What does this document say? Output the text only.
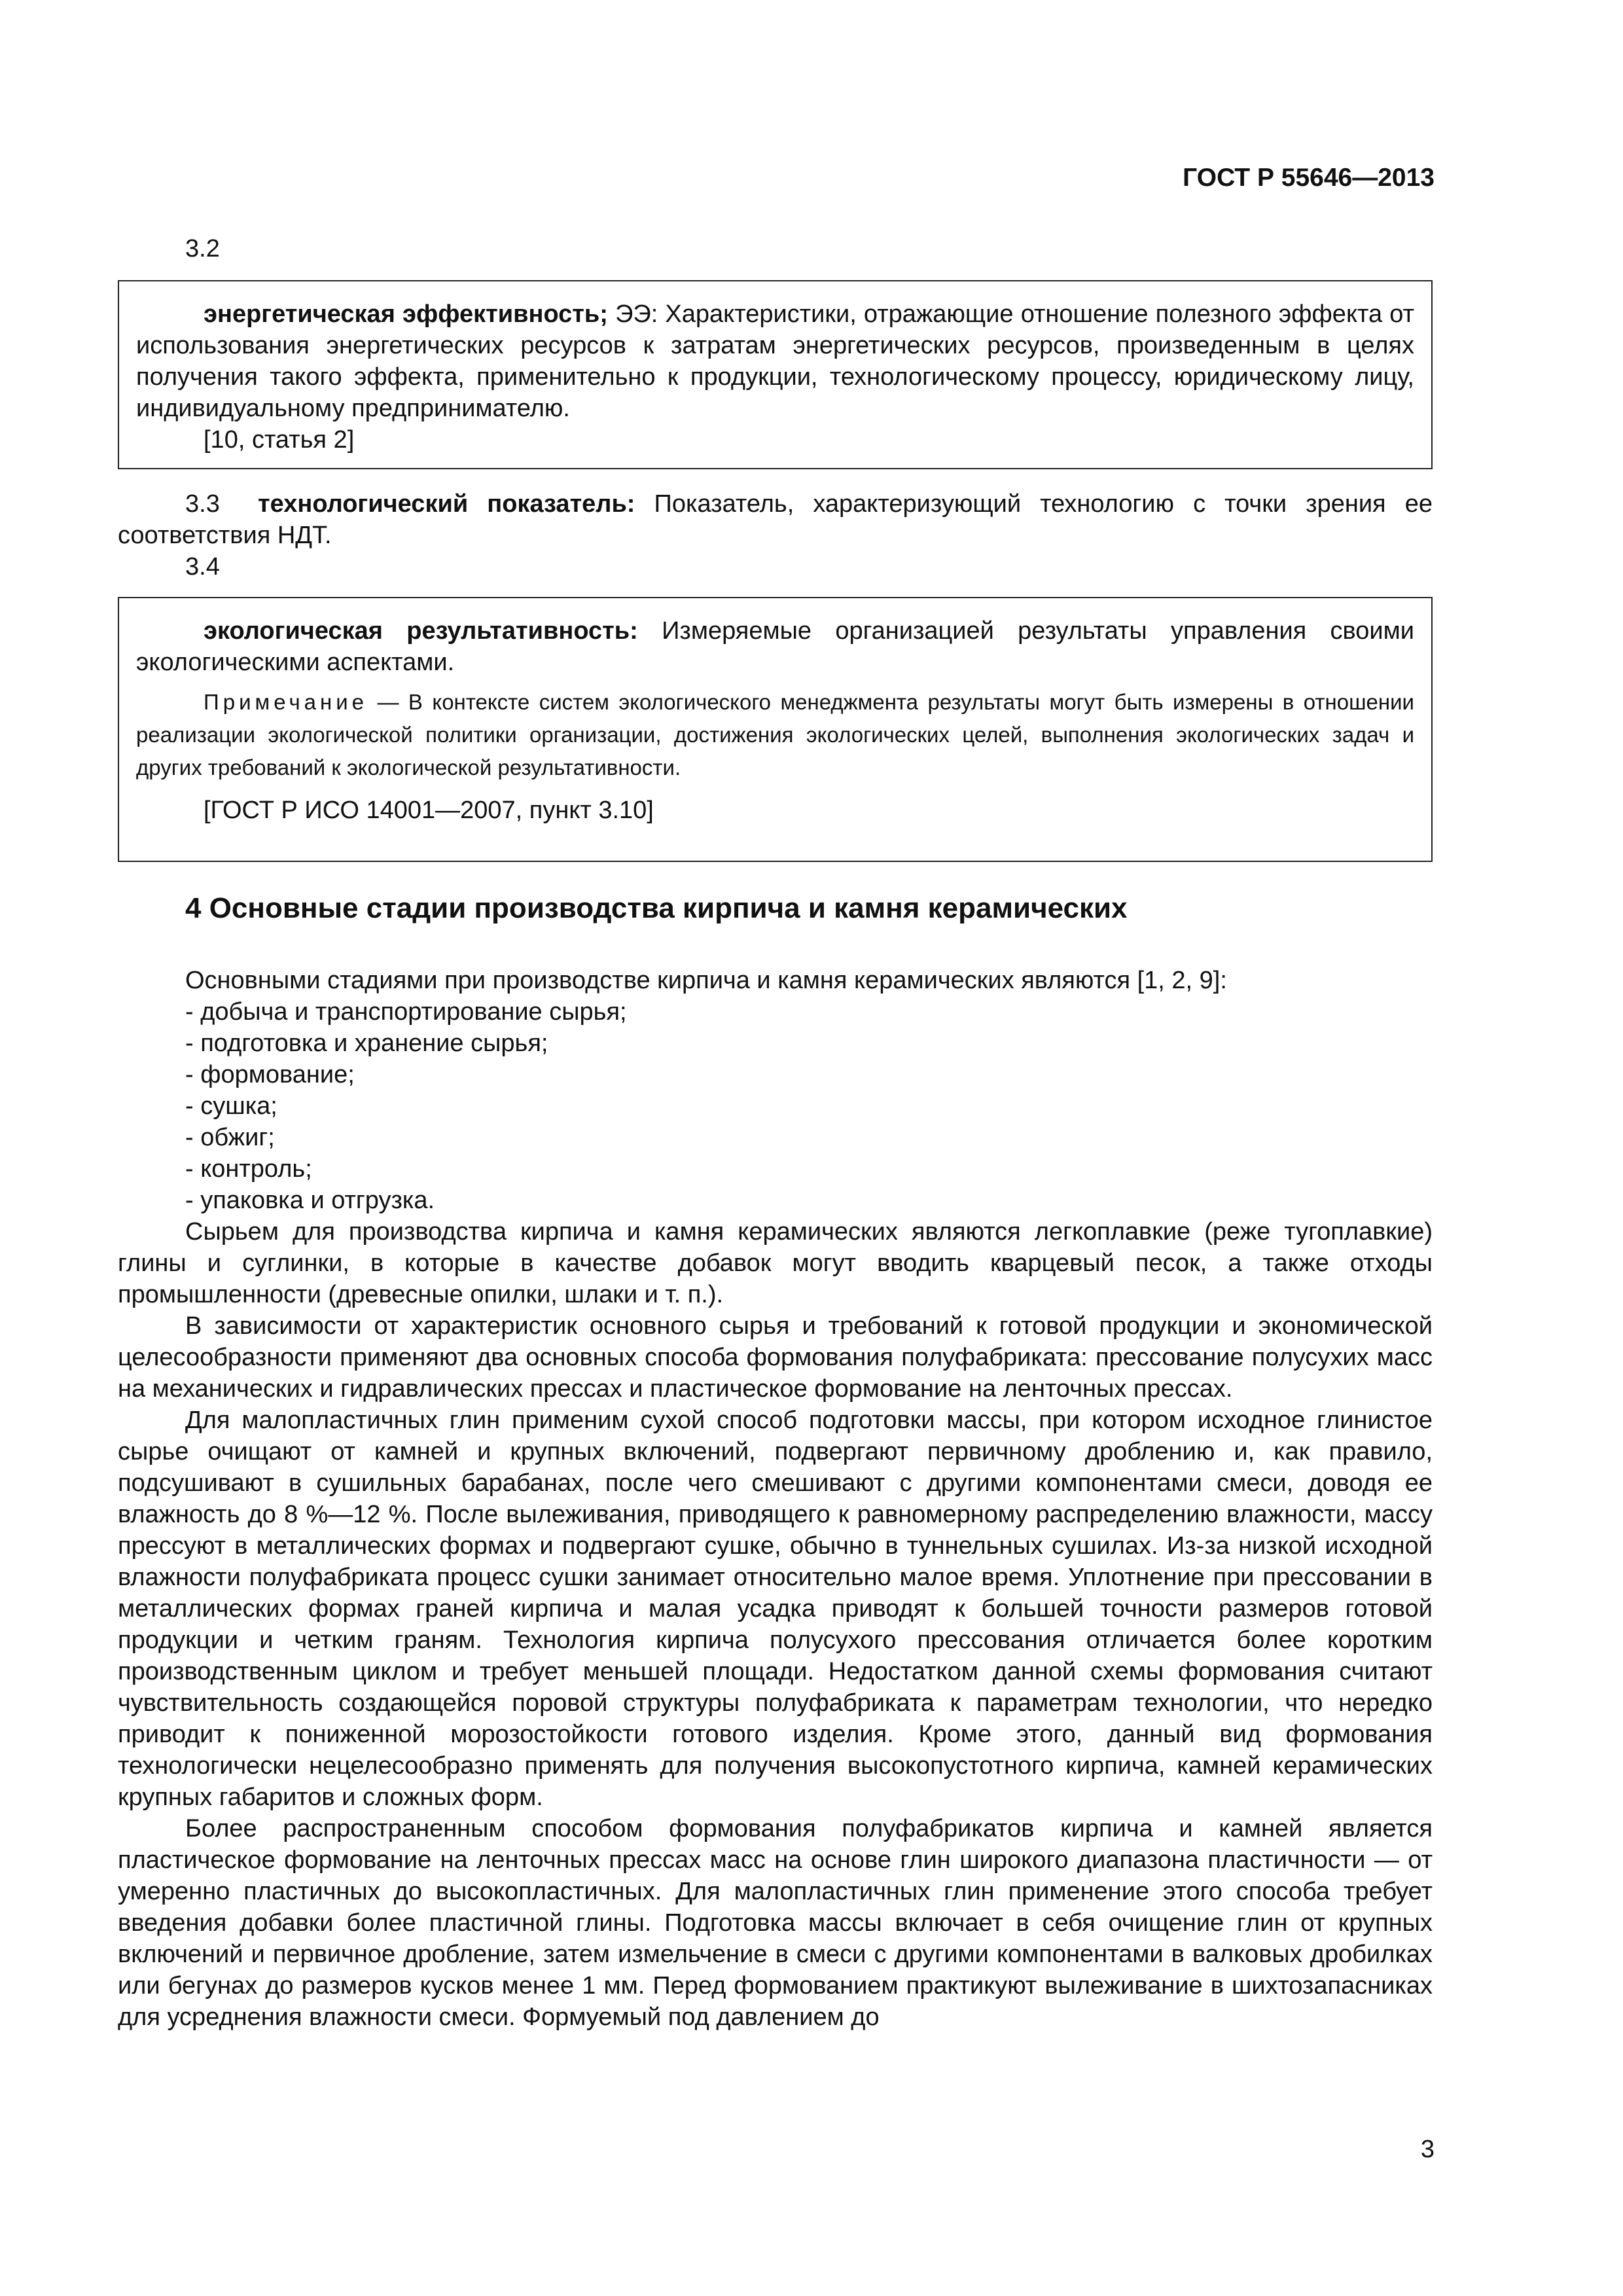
ГОСТ Р 55646—2013
3.2

энергетическая эффективность; ЭЭ: Характеристики, отражающие отношение полезного эффекта от использования энергетических ресурсов к затратам энергетических ресурсов, произведенным в целях получения такого эффекта, применительно к продукции, технологическому процессу, юридическому лицу, индивидуальному предпринимателю.

[10, статья 2]

3.3 технологический показатель: Показатель, характеризующий технологию с точки зрения ее соответствия НДТ.

3.4

экологическая результативность: Измеряемые организацией результаты управления своими экологическими аспектами.

Примечание — В контексте систем экологического менеджмента результаты могут быть измерены в отношении реализации экологической политики организации, достижения экологических целей, выполнения экологических задач и других требований к экологической результативности.

[ГОСТ Р ИСО 14001—2007, пункт 3.10]

4 Основные стадии производства кирпича и камня керамических

Основными стадиями при производстве кирпича и камня керамических являются [1, 2, 9]:

- добыча и транспортирование сырья;
- подготовка и хранение сырья;
- формование;
- сушка;
- обжиг;
- контроль;
- упаковка и отгрузка.

Сырьем для производства кирпича и камня керамических являются легкоплавкие (реже тугоплавкие) глины и суглинки, в которые в качестве добавок могут вводить кварцевый песок, а также отходы промышленности (древесные опилки, шлаки и т. п.).

В зависимости от характеристик основного сырья и требований к готовой продукции и экономической целесообразности применяют два основных способа формования полуфабриката: прессование полусухих масс на механических и гидравлических прессах и пластическое формование на ленточных прессах.

Для малопластичных глин применим сухой способ подготовки массы, при котором исходное глинистое сырье очищают от камней и крупных включений, подвергают первичному дроблению и, как правило, подсушивают в сушильных барабанах, после чего смешивают с другими компонентами смеси, доводя ее влажность до 8 %—12 %. После вылеживания, приводящего к равномерному распределению влажности, массу прессуют в металлических формах и подвергают сушке, обычно в туннельных сушилах. Из-за низкой исходной влажности полуфабриката процесс сушки занимает относительно малое время. Уплотнение при прессовании в металлических формах граней кирпича и малая усадка приводят к большей точности размеров готовой продукции и четким граням. Технология кирпича полусухого прессования отличается более коротким производственным циклом и требует меньшей площади. Недостатком данной схемы формования считают чувствительность создающейся поровой структуры полуфабриката к параметрам технологии, что нередко приводит к пониженной морозостойкости готового изделия. Кроме этого, данный вид формования технологически нецелесообразно применять для получения высокопустотного кирпича, камней керамических крупных габаритов и сложных форм.

Более распространенным способом формования полуфабрикатов кирпича и камней является пластическое формование на ленточных прессах масс на основе глин широкого диапазона пластичности — от умеренно пластичных до высокопластичных. Для малопластичных глин применение этого способа требует введения добавки более пластичной глины. Подготовка массы включает в себя очищение глин от крупных включений и первичное дробление, затем измельчение в смеси с другими компонентами в валковых дробилках или бегунах до размеров кусков менее 1 мм. Перед формованием практикуют вылеживание в шихтозапасниках для усреднения влажности смеси. Формуемый под давлением до

3
